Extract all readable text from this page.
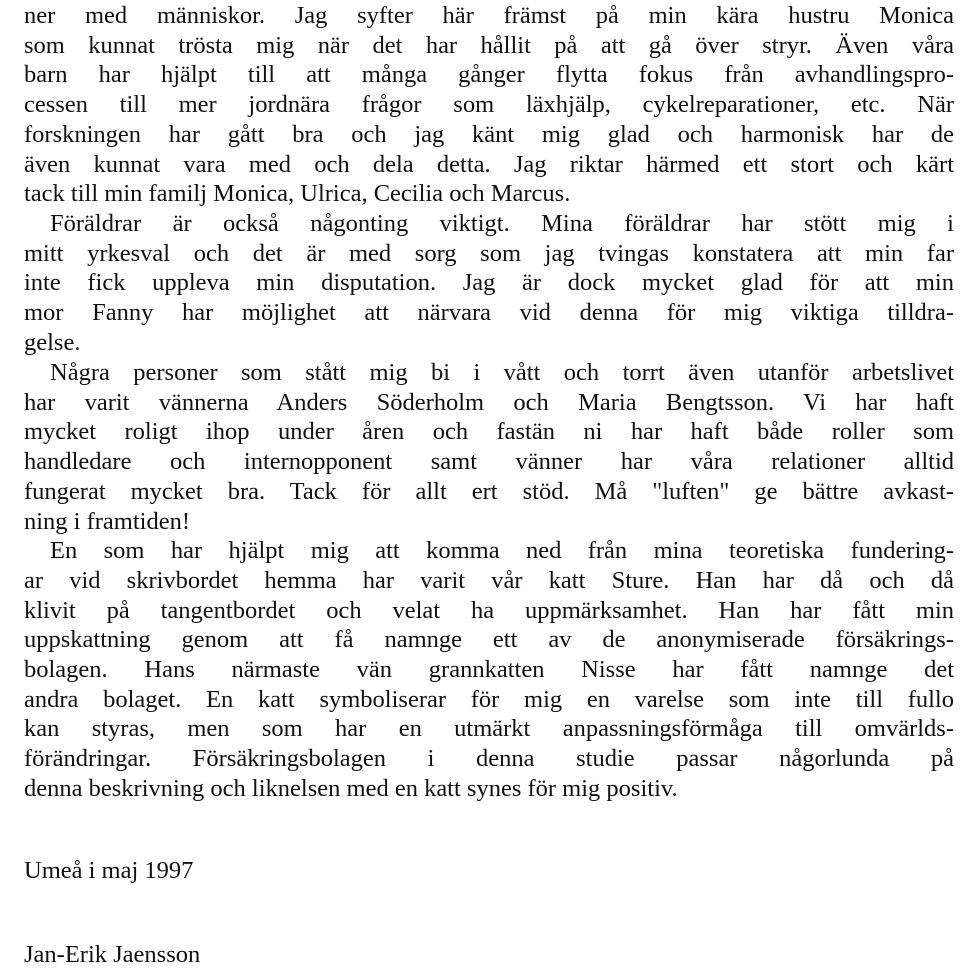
ner med människor. Jag syfter här främst på min kära hustru Monica
som kunnat trösta mig när det har hållit på att gå över stryr. Även våra
barn har hjälpt till att många gånger flytta fokus från avhandlingspro-
cessen till mer jordnära frågor som läxhjälp, cykelreparationer, etc. När
forskningen har gått bra och jag känt mig glad och harmonisk har de
även kunnat vara med och dela detta. Jag riktar härmed ett stort och kärt
tack till min familj Monica, Ulrica, Cecilia och Marcus.
Föräldrar är också någonting viktigt. Mina föräldrar har stött mig i
mitt yrkesval och det är med sorg som jag tvingas konstatera att min far
inte fick uppleva min disputation. Jag är dock mycket glad för att min
mor Fanny har möjlighet att närvara vid denna för mig viktiga tilldra-
gelse.
Några personer som stått mig bi i vått och torrt även utanför arbetslivet
har varit vännerna Anders Söderholm och Maria Bengtsson. Vi har haft
mycket roligt ihop under åren och fastän ni har haft både roller som
handledare och internopponent samt vänner har våra relationer alltid
fungerat mycket bra. Tack för allt ert stöd. Må "luften" ge bättre avkast-
ning i framtiden!
En som har hjälpt mig att komma ned från mina teoretiska fundering-
ar vid skrivbordet hemma har varit vår katt Sture. Han har då och då
klivit på tangentbordet och velat ha uppmärksamhet. Han har fått min
uppskattning genom att få namnge ett av de anonymiserade försäkrings-
bolagen. Hans närmaste vän grannkatten Nisse har fått namnge det
andra bolaget. En katt symboliserar för mig en varelse som inte till fullo
kan styras, men som har en utmärkt anpassningsförmåga till omvärlds-
förändringar. Försäkringsbolagen i denna studie passar någorlunda på
denna beskrivning och liknelsen med en katt synes för mig positiv.
Umeå i maj 1997
Jan-Erik Jaensson
